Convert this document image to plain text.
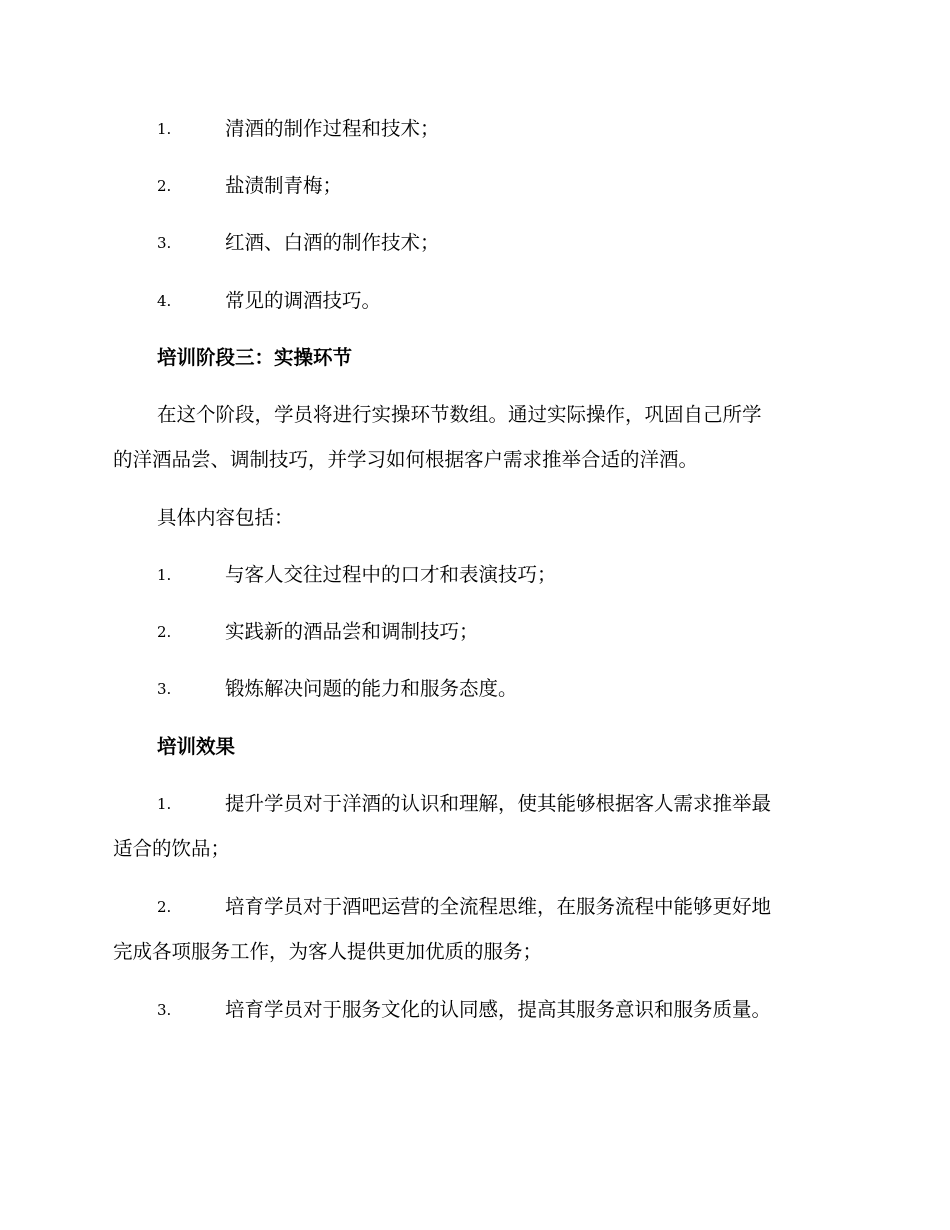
1.	清酒的制作过程和技术；
2.	盐渍制青梅；
3.	红酒、白酒的制作技术；
4.	常见的调酒技巧。
培训阶段三：实操环节
在这个阶段，学员将进行实操环节数组。通过实际操作，巩固自己所学
的洋酒品尝、调制技巧，并学习如何根据客户需求推举合适的洋酒。
具体内容包括：
1.	与客人交往过程中的口才和表演技巧；
2.	实践新的酒品尝和调制技巧；
3.	锻炼解决问题的能力和服务态度。
培训效果
1.	提升学员对于洋酒的认识和理解，使其能够根据客人需求推举最
适合的饮品；
2.	培育学员对于酒吧运营的全流程思维，在服务流程中能够更好地
完成各项服务工作，为客人提供更加优质的服务；
3.	培育学员对于服务文化的认同感，提高其服务意识和服务质量。
